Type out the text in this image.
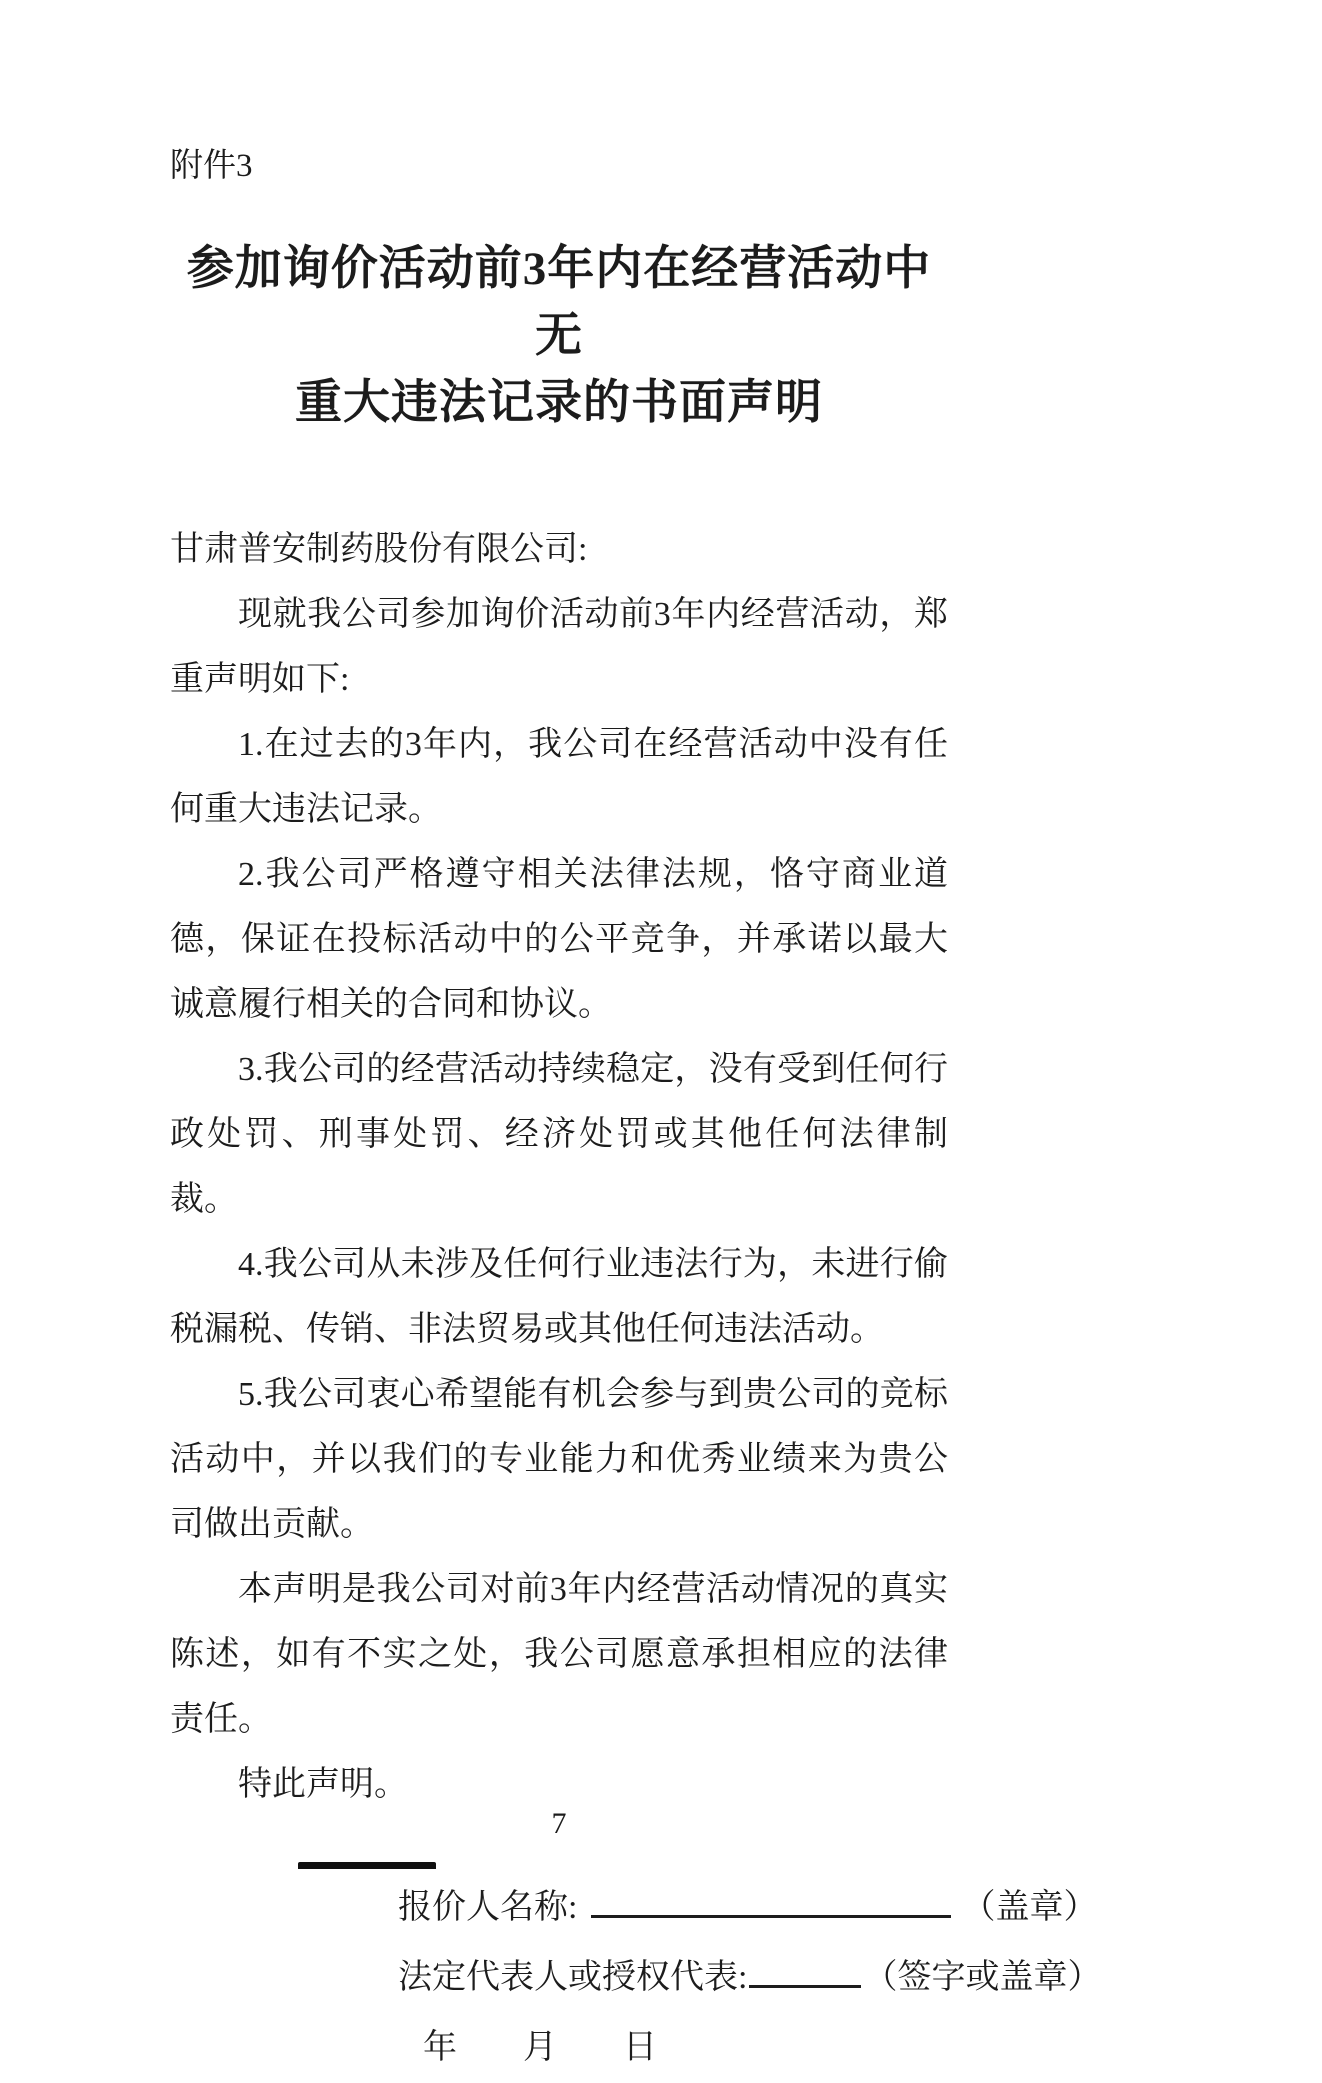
附件3
参加询价活动前3年内在经营活动中无
重大违法记录的书面声明

甘肃普安制药股份有限公司:

现就我公司参加询价活动前3年内经营活动，郑重声明如下:

1.在过去的3年内，我公司在经营活动中没有任何重大违法记录。

2.我公司严格遵守相关法律法规，恪守商业道德，保证在投标活动中的公平竞争，并承诺以最大诚意履行相关的合同和协议。

3.我公司的经营活动持续稳定，没有受到任何行政处罚、刑事处罚、经济处罚或其他任何法律制裁。

4.我公司从未涉及任何行业违法行为，未进行偷税漏税、传销、非法贸易或其他任何违法活动。

5.我公司衷心希望能有机会参与到贵公司的竞标活动中，并以我们的专业能力和优秀业绩来为贵公司做出贡献。

本声明是我公司对前3年内经营活动情况的真实陈述，如有不实之处，我公司愿意承担相应的法律责任。

特此声明。

报价人名称:	（盖章）
法定代表人或授权代表:	（签字或盖章）
年 月 日
7
